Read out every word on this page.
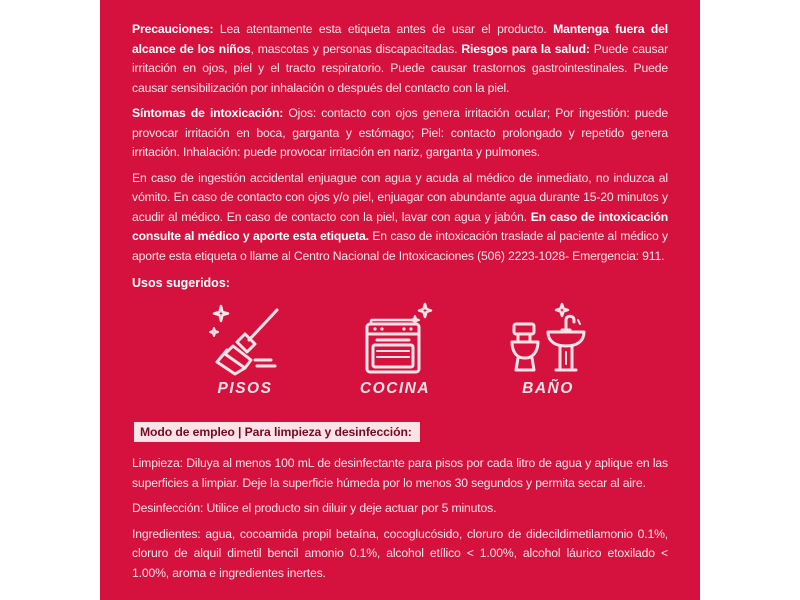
Precauciones: Lea atentamente esta etiqueta antes de usar el producto. Mantenga fuera del alcance de los niños, mascotas y personas discapacitadas. Riesgos para la salud: Puede causar irritación en ojos, piel y el tracto respiratorio. Puede causar trastornos gastrointestinales. Puede causar sensibilización por inhalación o después del contacto con la piel.

Síntomas de intoxicación: Ojos: contacto con ojos genera irritación ocular; Por ingestión: puede provocar irritación en boca, garganta y estómago; Piel: contacto prolongado y repetido genera irritación. Inhalación: puede provocar irritación en nariz, garganta y pulmones.

En caso de ingestión accidental enjuague con agua y acuda al médico de inmediato, no induzca al vómito. En caso de contacto con ojos y/o piel, enjuagar con abundante agua durante 15-20 minutos y acudir al médico. En caso de contacto con la piel, lavar con agua y jabón. En caso de intoxicación consulte al médico y aporte esta etiqueta. En caso de intoxicación traslade al paciente al médico y aporte esta etiqueta o llame al Centro Nacional de Intoxicaciones (506) 2223-1028- Emergencia: 911.

Usos sugeridos:
PISOS	COCINA	BAÑO
Modo de empleo | Para limpieza y desinfección:

Limpieza: Diluya al menos 100 mL de desinfectante para pisos por cada litro de agua y aplique en las superficies a limpiar. Deje la superficie húmeda por lo menos 30 segundos y permita secar al aire.

Desinfección: Utilice el producto sin diluir y deje actuar por 5 minutos.

Ingredientes: agua, cocoamida propil betaína, cocoglucósido, cloruro de didecildimetilamonio 0.1%, cloruro de alquil dimetil bencil amonio 0.1%, alcohol etílico < 1.00%, alcohol láurico etoxilado < 1.00%, aroma e ingredientes inertes.
